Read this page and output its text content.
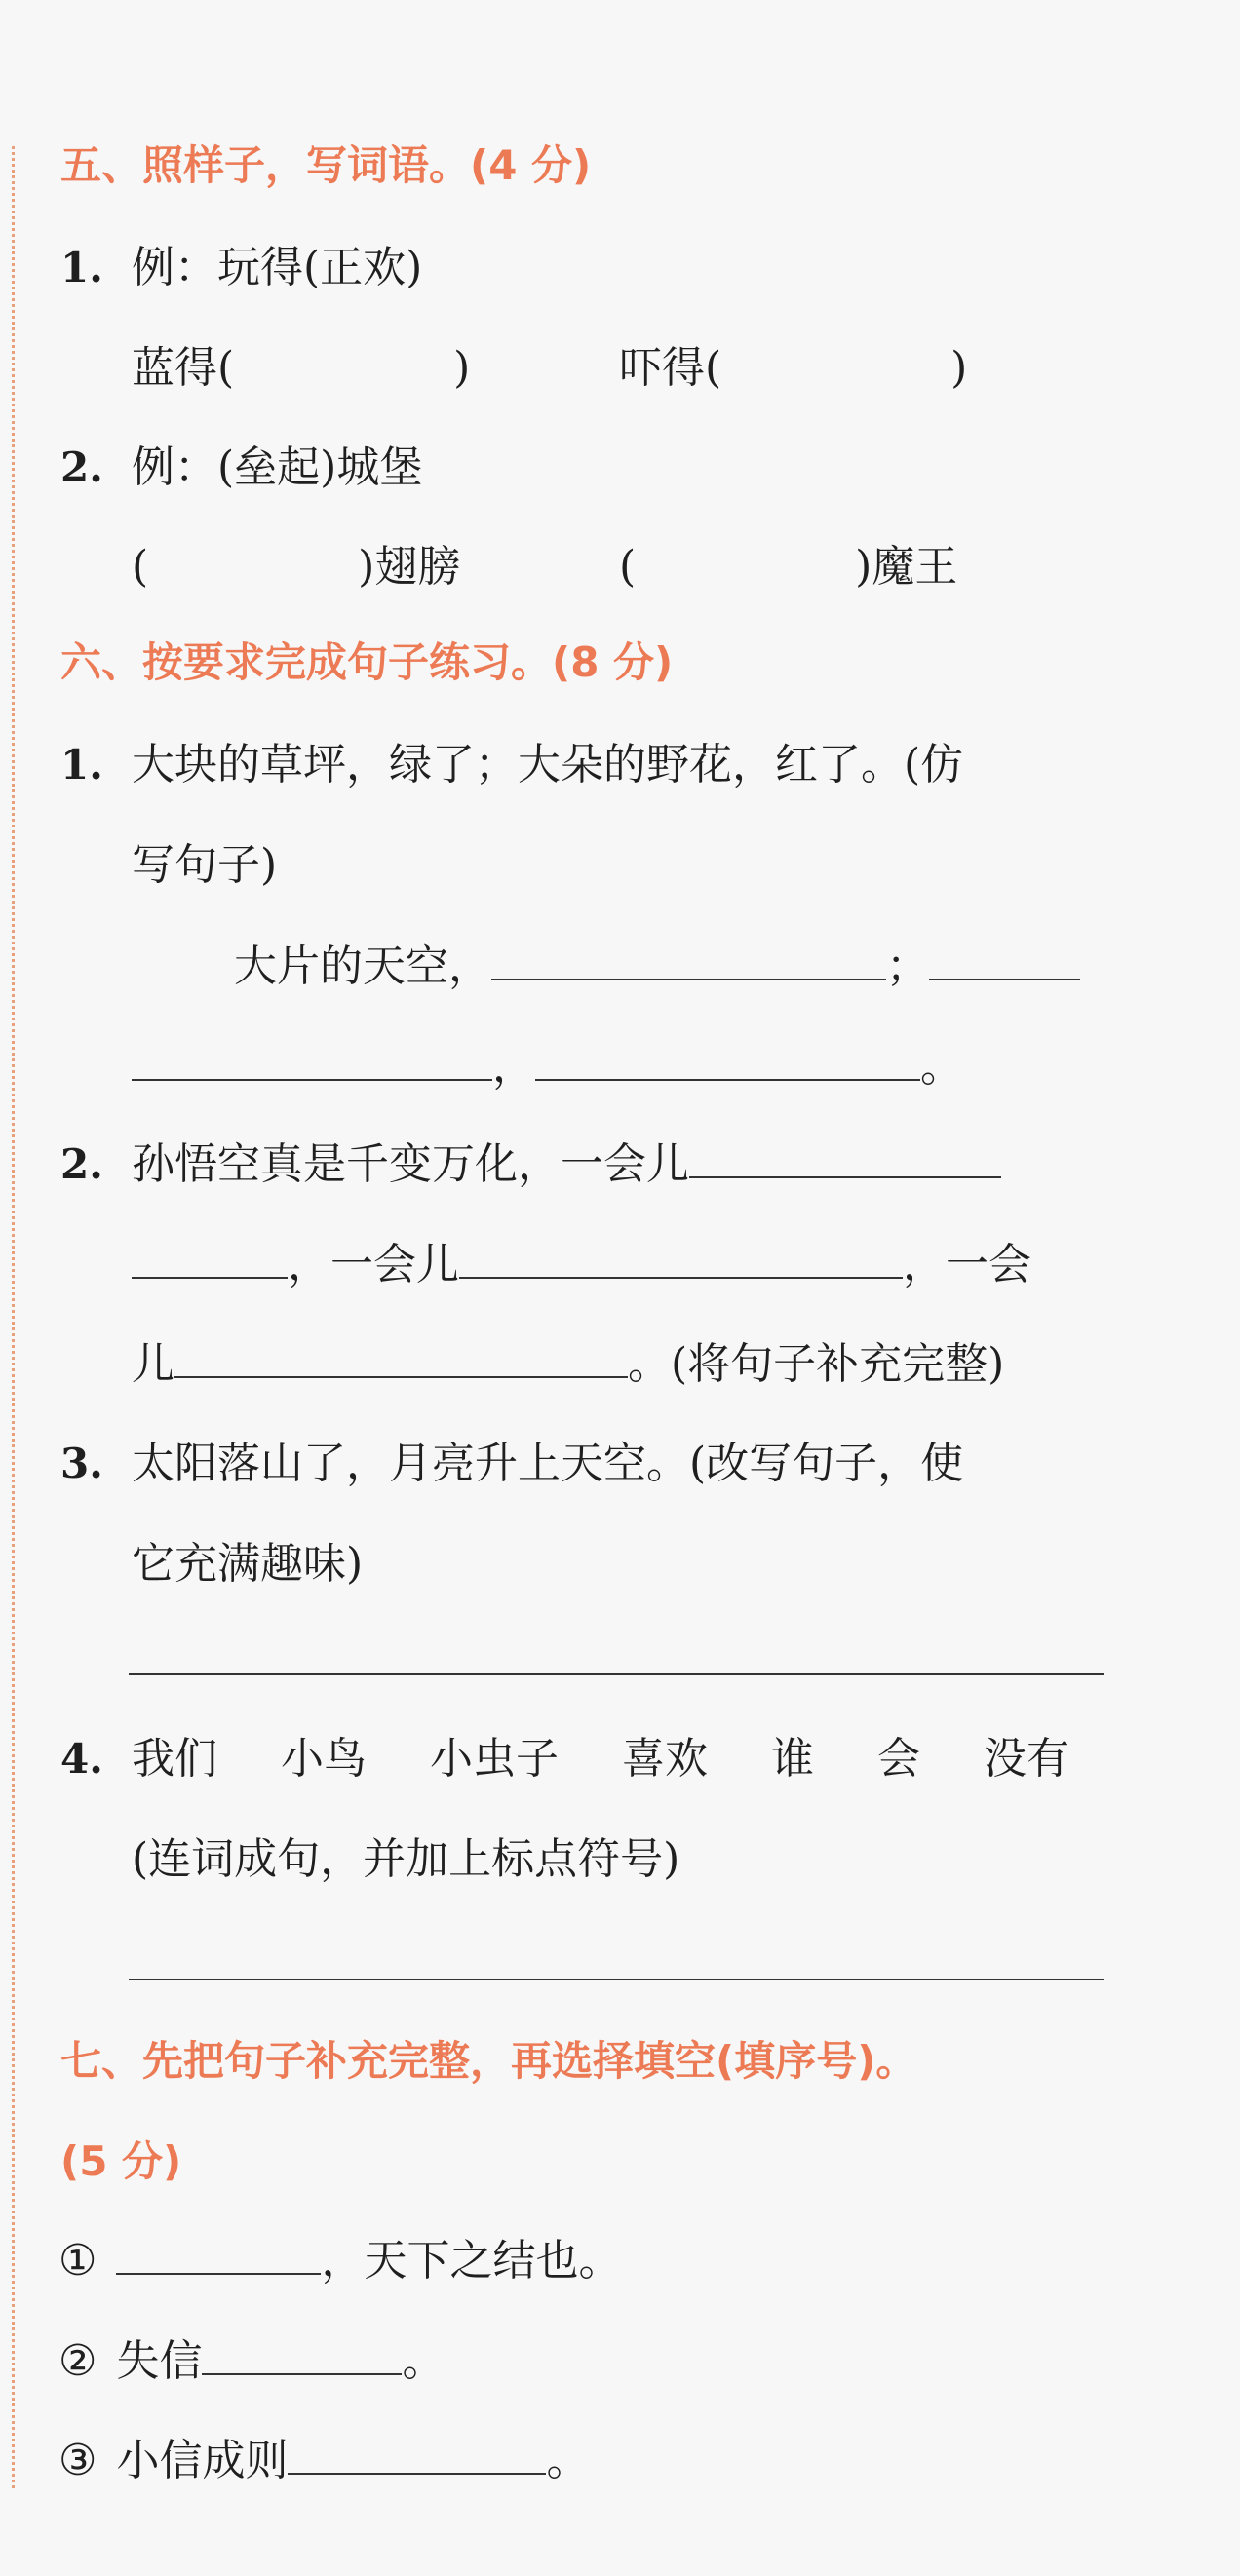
五、照样子，写词语。(4 分)
1. 例：玩得(正欢)
蓝得(	)	吓得(	)
2. 例：(垒起)城堡
(	)翅膀	(	)魔王
六、按要求完成句子练习。(8 分)
1. 大块的草坪，绿了；大朵的野花，红了。(仿
写句子)
大片的天空，	；
，	。
2. 孙悟空真是千变万化，一会儿
，一会儿	，一会
儿	。(将句子补充完整)
3. 太阳落山了，月亮升上天空。(改写句子，使
它充满趣味)
4. 我们 小鸟 小虫子 喜欢 谁 会 没有
(连词成句，并加上标点符号)
七、先把句子补充完整，再选择填空(填序号)。
(5 分)
①	，天下之结也。
② 失信	。
③ 小信成则	。
